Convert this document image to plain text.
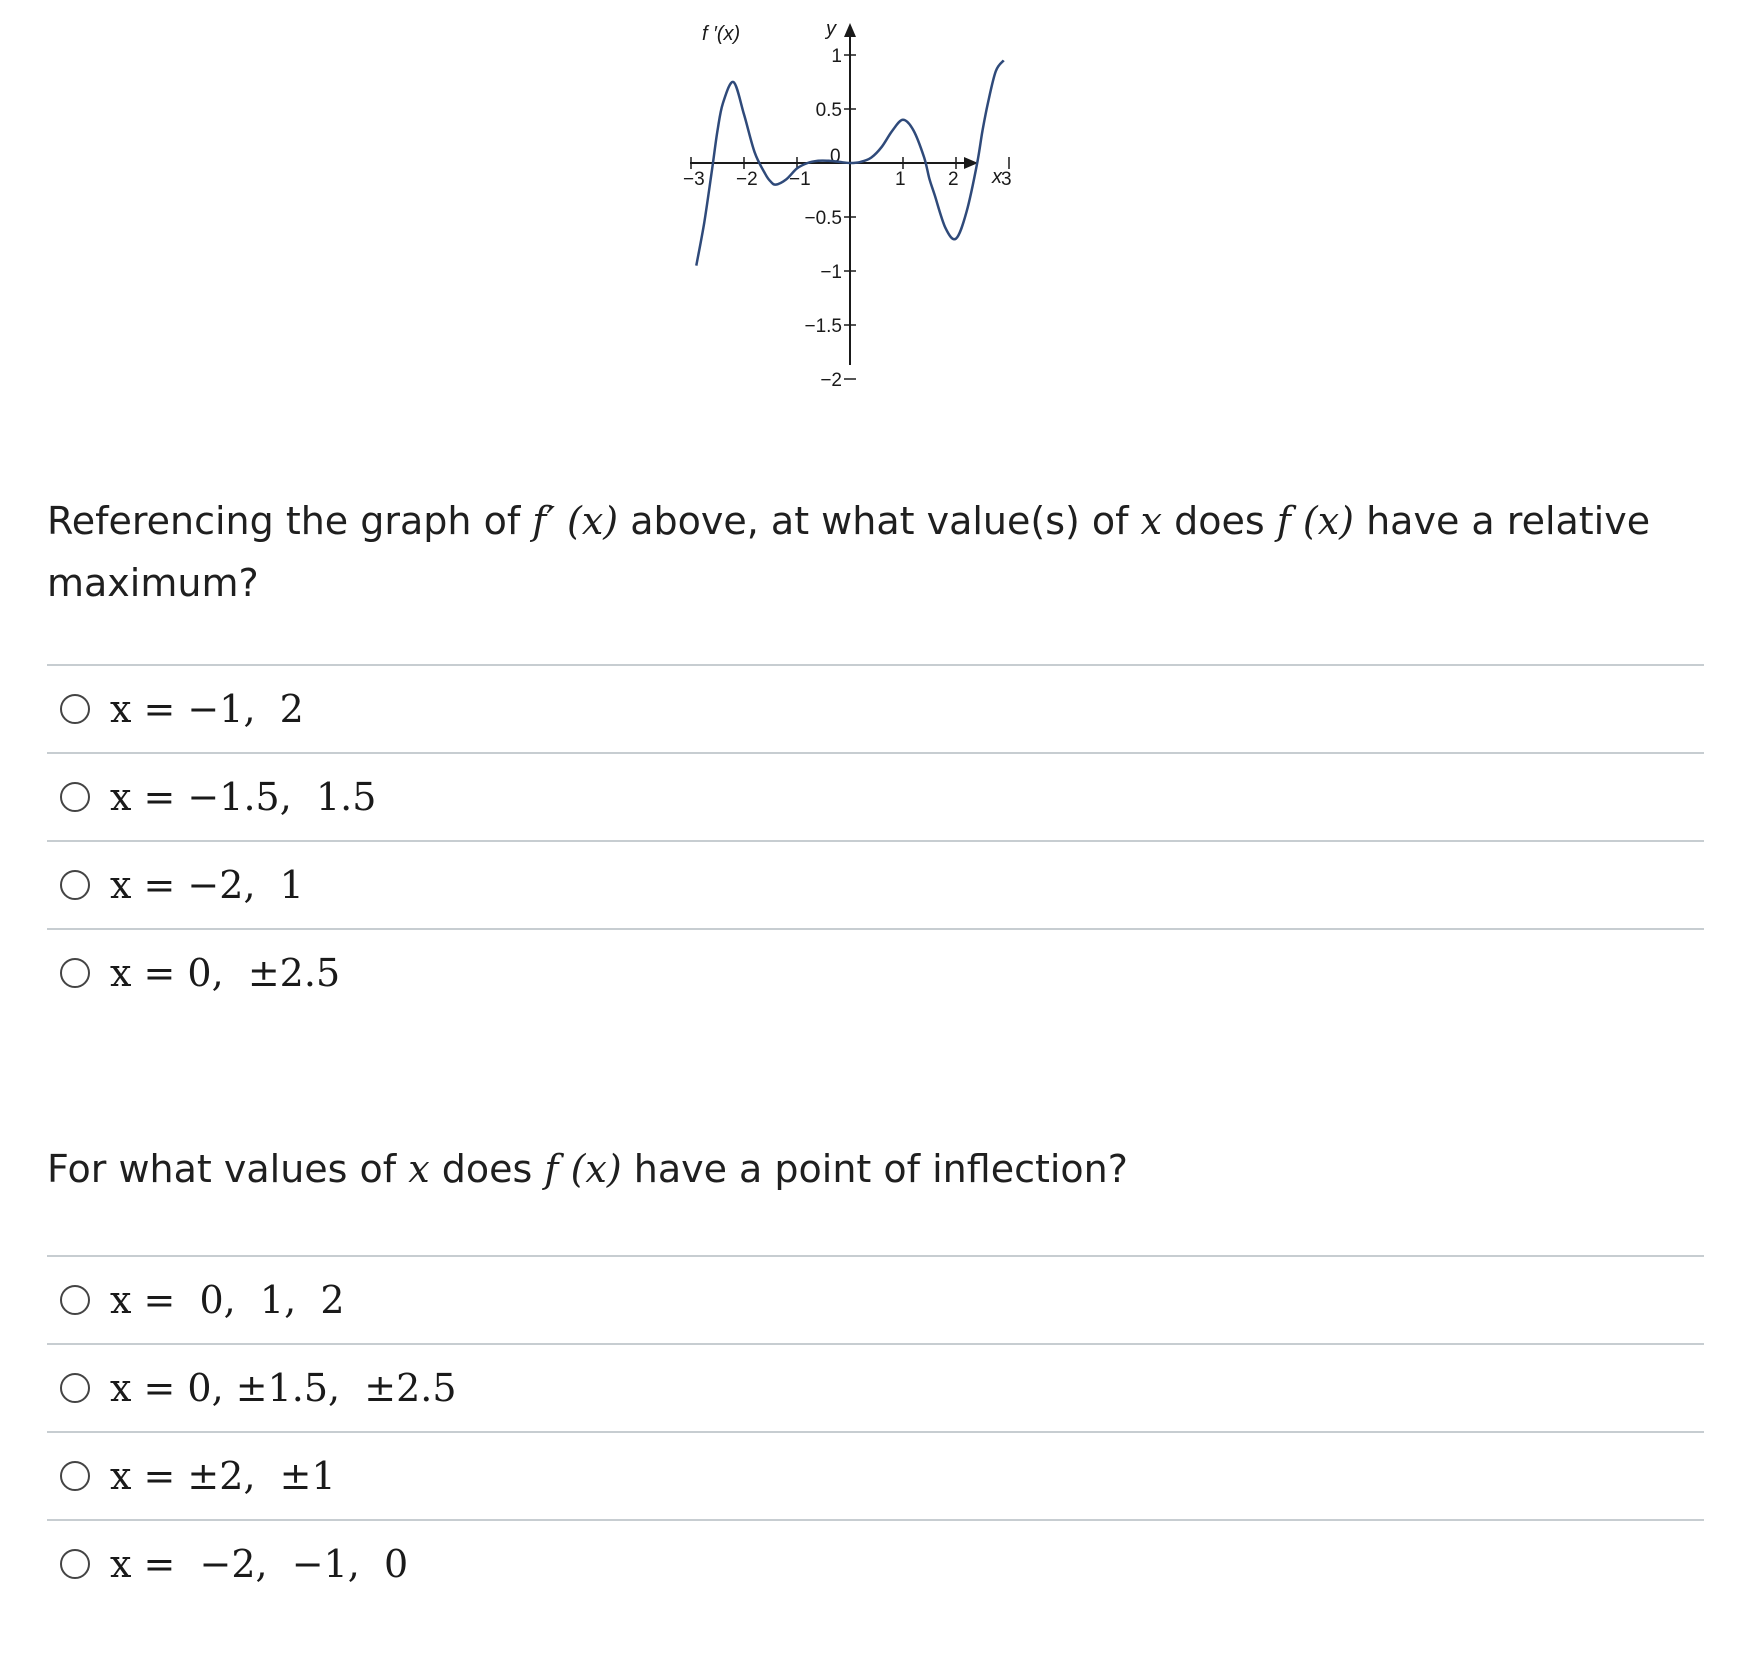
−3 −2 −1
0
1 2 3
1
0.5
−0.5
−1
−1.5
−2
f ′(x)	y
x
Referencing the graph of f′ (x) above, at what value(s) of x does f (x) have a relative maximum?
x = −1,  2
x = −1.5,  1.5
x = −2,  1
x = 0,  ±2.5
For what values of x does f (x) have a point of inflection?
x =  0,  1,  2
x = 0, ±1.5,  ±2.5
x = ±2,  ±1
x =  −2,  −1,  0
